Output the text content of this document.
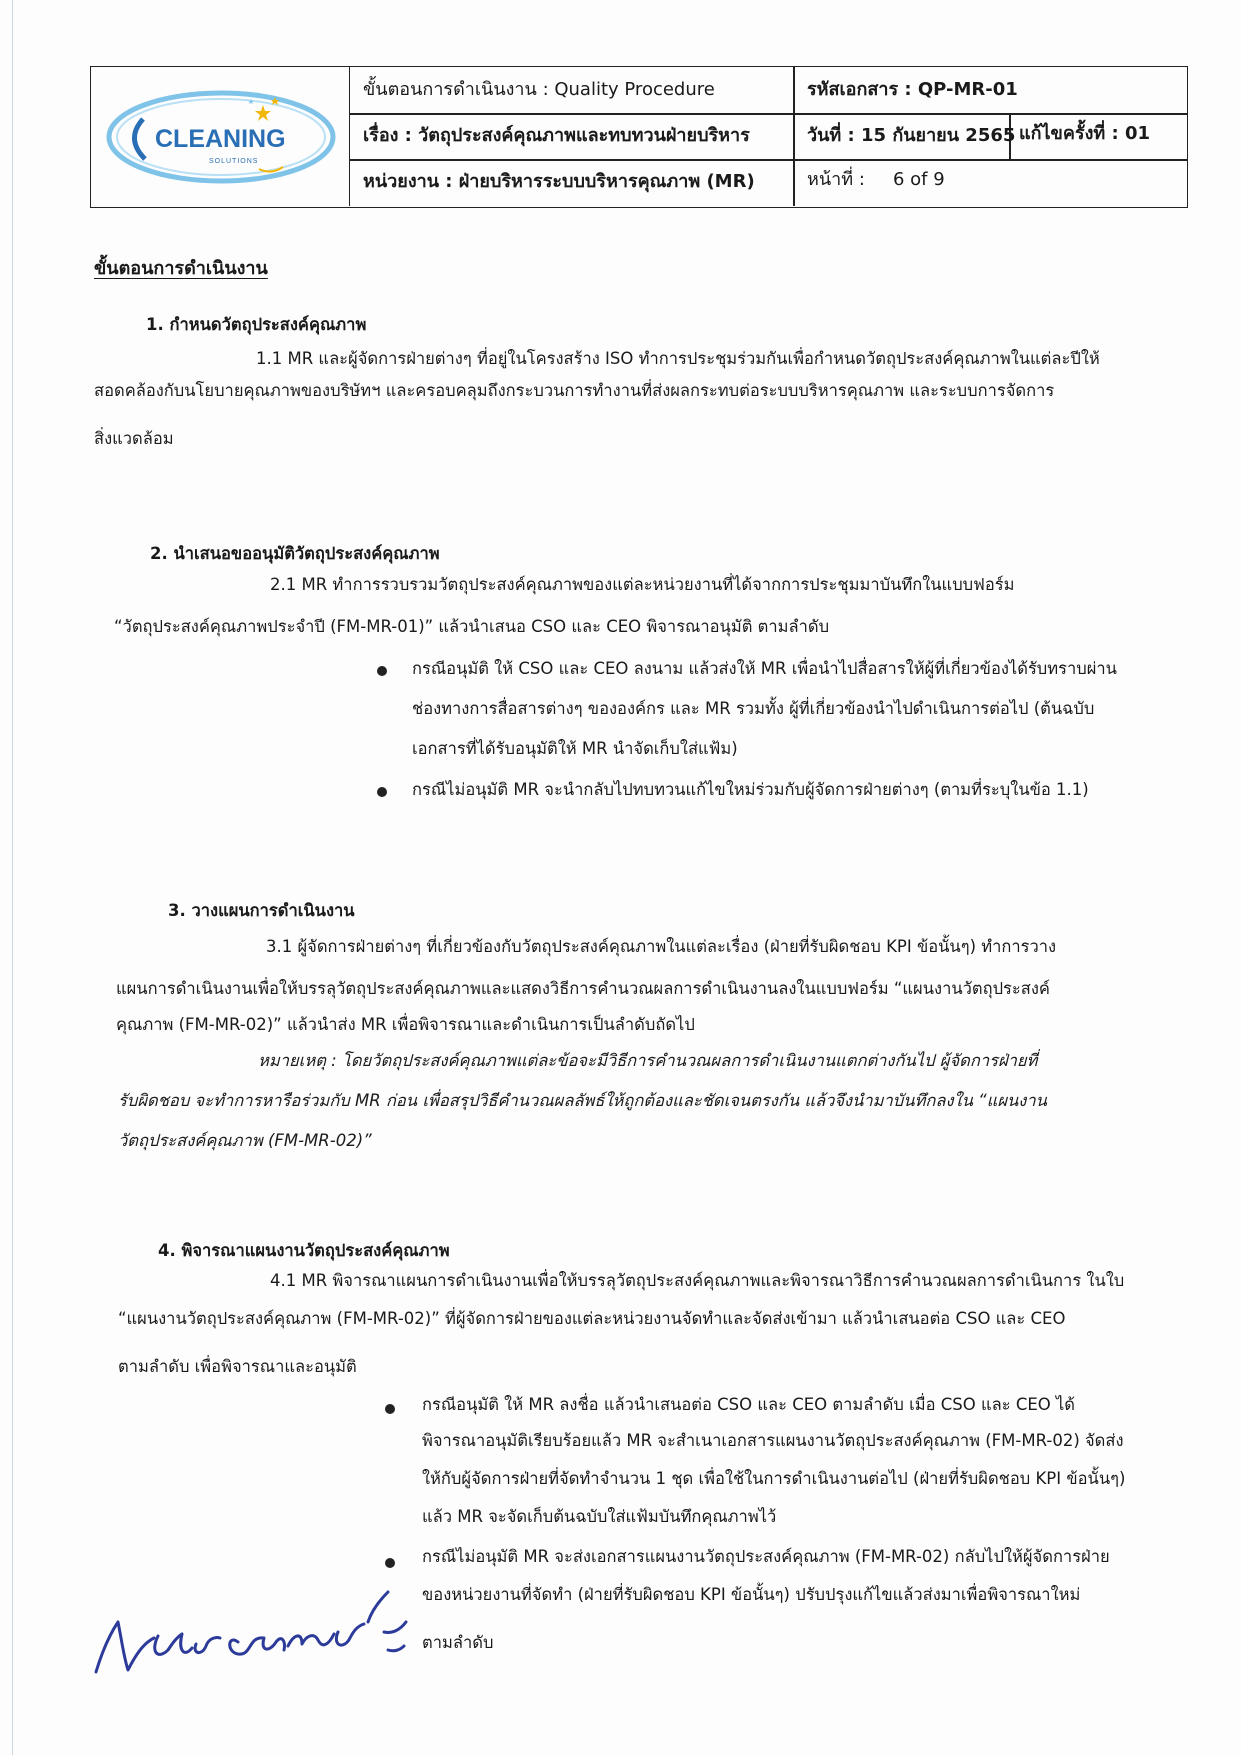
CLEANING
SOLUTIONS
ขั้นตอนการดำเนินงาน : Quality Procedure	รหัสเอกสาร : QP-MR-01
เรื่อง : วัตถุประสงค์คุณภาพและทบทวนฝ่ายบริหาร	วันที่ : 15 กันยายน 2565 แก้ไขครั้งที่ : 01
หน่วยงาน : ฝ่ายบริหารระบบบริหารคุณภาพ (MR)	หน้าที่ : 6 of 9
ขั้นตอนการดำเนินงาน
1. กำหนดวัตถุประสงค์คุณภาพ
1.1 MR และผู้จัดการฝ่ายต่างๆ ที่อยู่ในโครงสร้าง ISO ทำการประชุมร่วมกันเพื่อกำหนดวัตถุประสงค์คุณภาพในแต่ละปีให้
สอดคล้องกับนโยบายคุณภาพของบริษัทฯ และครอบคลุมถึงกระบวนการทำงานที่ส่งผลกระทบต่อระบบบริหารคุณภาพ และระบบการจัดการ
สิ่งแวดล้อม
2. นำเสนอขออนุมัติวัตถุประสงค์คุณภาพ
2.1 MR ทำการรวบรวมวัตถุประสงค์คุณภาพของแต่ละหน่วยงานที่ได้จากการประชุมมาบันทึกในแบบฟอร์ม
“วัตถุประสงค์คุณภาพประจำปี (FM-MR-01)” แล้วนำเสนอ CSO และ CEO พิจารณาอนุมัติ ตามลำดับ
กรณีอนุมัติ ให้ CSO และ CEO ลงนาม แล้วส่งให้ MR เพื่อนำไปสื่อสารให้ผู้ที่เกี่ยวข้องได้รับทราบผ่าน
ช่องทางการสื่อสารต่างๆ ขององค์กร และ MR รวมทั้ง ผู้ที่เกี่ยวข้องนำไปดำเนินการต่อไป (ต้นฉบับ
เอกสารที่ได้รับอนุมัติให้ MR นำจัดเก็บใส่แฟ้ม)
กรณีไม่อนุมัติ MR จะนำกลับไปทบทวนแก้ไขใหม่ร่วมกับผู้จัดการฝ่ายต่างๆ (ตามที่ระบุในข้อ 1.1)
3. วางแผนการดำเนินงาน
3.1 ผู้จัดการฝ่ายต่างๆ ที่เกี่ยวข้องกับวัตถุประสงค์คุณภาพในแต่ละเรื่อง (ฝ่ายที่รับผิดชอบ KPI ข้อนั้นๆ) ทำการวาง
แผนการดำเนินงานเพื่อให้บรรลุวัตถุประสงค์คุณภาพและแสดงวิธีการคำนวณผลการดำเนินงานลงในแบบฟอร์ม “แผนงานวัตถุประสงค์
คุณภาพ (FM-MR-02)” แล้วนำส่ง MR เพื่อพิจารณาและดำเนินการเป็นลำดับถัดไป
หมายเหตุ : โดยวัตถุประสงค์คุณภาพแต่ละข้อจะมีวิธีการคำนวณผลการดำเนินงานแตกต่างกันไป ผู้จัดการฝ่ายที่
รับผิดชอบ จะทำการหารือร่วมกับ MR ก่อน เพื่อสรุปวิธีคำนวณผลลัพธ์ให้ถูกต้องและชัดเจนตรงกัน แล้วจึงนำมาบันทึกลงใน “แผนงาน
วัตถุประสงค์คุณภาพ (FM-MR-02)”
4. พิจารณาแผนงานวัตถุประสงค์คุณภาพ
4.1 MR พิจารณาแผนการดำเนินงานเพื่อให้บรรลุวัตถุประสงค์คุณภาพและพิจารณาวิธีการคำนวณผลการดำเนินการ ในใบ
“แผนงานวัตถุประสงค์คุณภาพ (FM-MR-02)” ที่ผู้จัดการฝ่ายของแต่ละหน่วยงานจัดทำและจัดส่งเข้ามา แล้วนำเสนอต่อ CSO และ CEO
ตามลำดับ เพื่อพิจารณาและอนุมัติ
กรณีอนุมัติ ให้ MR ลงชื่อ แล้วนำเสนอต่อ CSO และ CEO ตามลำดับ เมื่อ CSO และ CEO ได้
พิจารณาอนุมัติเรียบร้อยแล้ว MR จะสำเนาเอกสารแผนงานวัตถุประสงค์คุณภาพ (FM-MR-02) จัดส่ง
ให้กับผู้จัดการฝ่ายที่จัดทำจำนวน 1 ชุด เพื่อใช้ในการดำเนินงานต่อไป (ฝ่ายที่รับผิดชอบ KPI ข้อนั้นๆ)
แล้ว MR จะจัดเก็บต้นฉบับใส่แฟ้มบันทึกคุณภาพไว้
กรณีไม่อนุมัติ MR จะส่งเอกสารแผนงานวัตถุประสงค์คุณภาพ (FM-MR-02) กลับไปให้ผู้จัดการฝ่าย
ของหน่วยงานที่จัดทำ (ฝ่ายที่รับผิดชอบ KPI ข้อนั้นๆ) ปรับปรุงแก้ไขแล้วส่งมาเพื่อพิจารณาใหม่
ตามลำดับ
